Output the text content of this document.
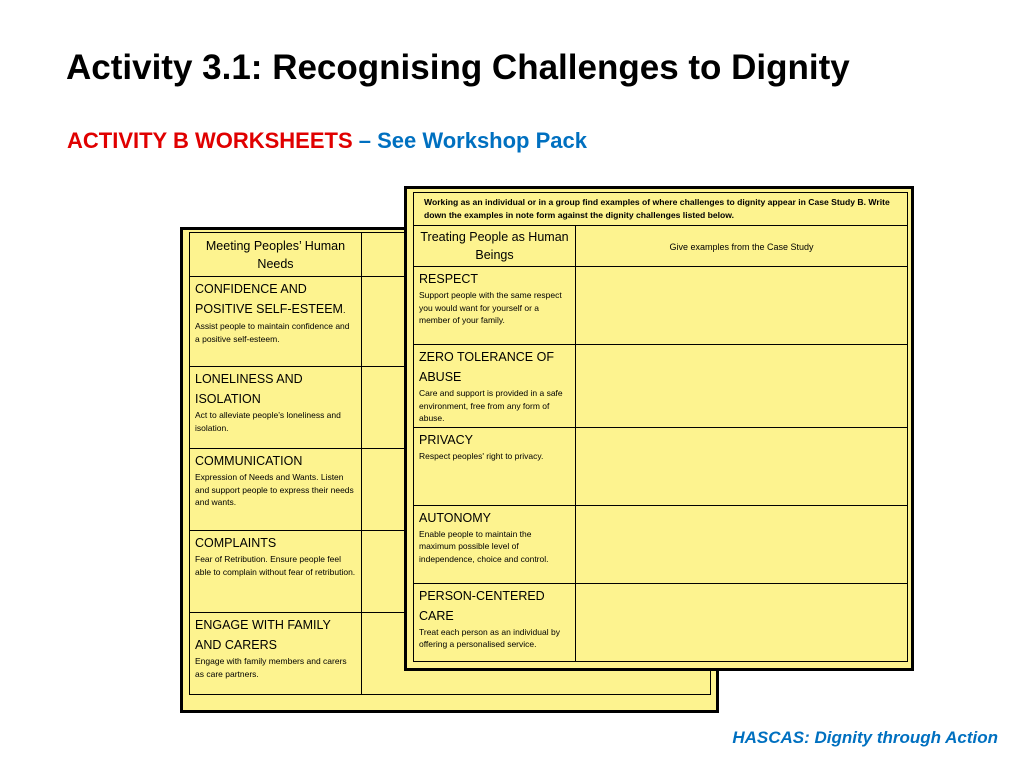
Activity 3.1: Recognising Challenges to Dignity
ACTIVITY B WORKSHEETS – See Workshop Pack
Meeting Peoples’ Human Needs	

CONFIDENCE AND POSITIVE SELF-ESTEEM.
Assist people to maintain confidence and a positive self-esteem.	

LONELINESS AND ISOLATION
Act to alleviate people’s loneliness and isolation.	

COMMUNICATION
Expression of Needs and Wants. Listen and support people to express their needs and wants.	

COMPLAINTS
Fear of Retribution. Ensure people feel able to complain without fear of retribution.	

ENGAGE WITH FAMILY AND CARERS
Engage with family members and carers as care partners.	

Working as an individual or in a group find examples of where challenges to dignity appear in Case Study B. Write down the examples in note form against the dignity challenges listed below.
Treating People as Human Beings	Give examples from the Case Study

RESPECT
Support people with the same respect you would want for yourself or a member of your family.	

ZERO TOLERANCE OF ABUSE
Care and support is provided in a safe environment, free from any form of abuse.	

PRIVACY
Respect peoples' right to privacy.	

AUTONOMY
Enable people to maintain the maximum possible level of independence, choice and control.	

PERSON-CENTERED CARE
Treat each person as an individual by offering a personalised service.	

HASCAS: Dignity through Action
